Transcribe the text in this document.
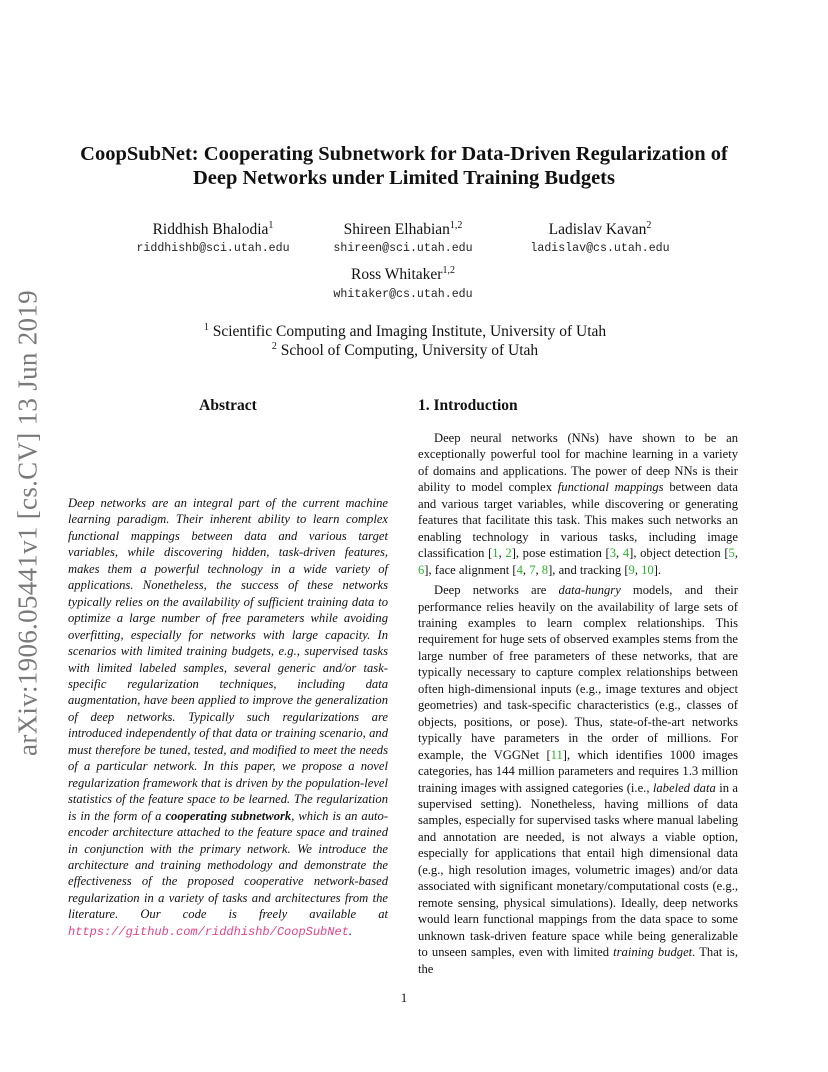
arXiv:1906.05441v1 [cs.CV] 13 Jun 2019
CoopSubNet: Cooperating Subnetwork for Data-Driven Regularization of Deep Networks under Limited Training Budgets
Riddhish Bhalodia$^1$
riddhishb@sci.utah.edu
Shireen Elhabian$^{1,2}$
shireen@sci.utah.edu
Ladislav Kavan$^2$
ladislav@cs.utah.edu
Ross Whitaker$^{1,2}$
whitaker@cs.utah.edu
$^1$ Scientific Computing and Imaging Institute, University of Utah
$^2$ School of Computing, University of Utah
Abstract
Deep networks are an integral part of the current machine learning paradigm. Their inherent ability to learn complex functional mappings between data and various target variables, while discovering hidden, task-driven features, makes them a powerful technology in a wide variety of applications. Nonetheless, the success of these networks typically relies on the availability of sufficient training data to optimize a large number of free parameters while avoiding overfitting, especially for networks with large capacity. In scenarios with limited training budgets, e.g., supervised tasks with limited labeled samples, several generic and/or task-specific regularization techniques, including data augmentation, have been applied to improve the generalization of deep networks. Typically such regularizations are introduced independently of that data or training scenario, and must therefore be tuned, tested, and modified to meet the needs of a particular network. In this paper, we propose a novel regularization framework that is driven by the population-level statistics of the feature space to be learned. The regularization is in the form of a cooperating subnetwork, which is an auto-encoder architecture attached to the feature space and trained in conjunction with the primary network. We introduce the architecture and training methodology and demonstrate the effectiveness of the proposed cooperative network-based regularization in a variety of tasks and architectures from the literature. Our code is freely available at https://github.com/riddhishb/CoopSubNet.
1. Introduction

Deep neural networks (NNs) have shown to be an exceptionally powerful tool for machine learning in a variety of domains and applications. The power of deep NNs is their ability to model complex functional mappings between data and various target variables, while discovering or generating features that facilitate this task. This makes such networks an enabling technology in various tasks, including image classification [1, 2], pose estimation [3, 4], object detection [5, 6], face alignment [4, 7, 8], and tracking [9, 10].

Deep networks are data-hungry models, and their performance relies heavily on the availability of large sets of training examples to learn complex relationships. This requirement for huge sets of observed examples stems from the large number of free parameters of these networks, that are typically necessary to capture complex relationships between often high-dimensional inputs (e.g., image textures and object geometries) and task-specific characteristics (e.g., classes of objects, positions, or pose). Thus, state-of-the-art networks typically have parameters in the order of millions. For example, the VGGNet [11], which identifies 1000 images categories, has 144 million parameters and requires 1.3 million training images with assigned categories (i.e., labeled data in a supervised setting). Nonetheless, having millions of data samples, especially for supervised tasks where manual labeling and annotation are needed, is not always a viable option, especially for applications that entail high dimensional data (e.g., high resolution images, volumetric images) and/or data associated with significant monetary/computational costs (e.g., remote sensing, physical simulations). Ideally, deep networks would learn functional mappings from the data space to some unknown task-driven feature space while being generalizable to unseen samples, even with limited training budget. That is, the

1
